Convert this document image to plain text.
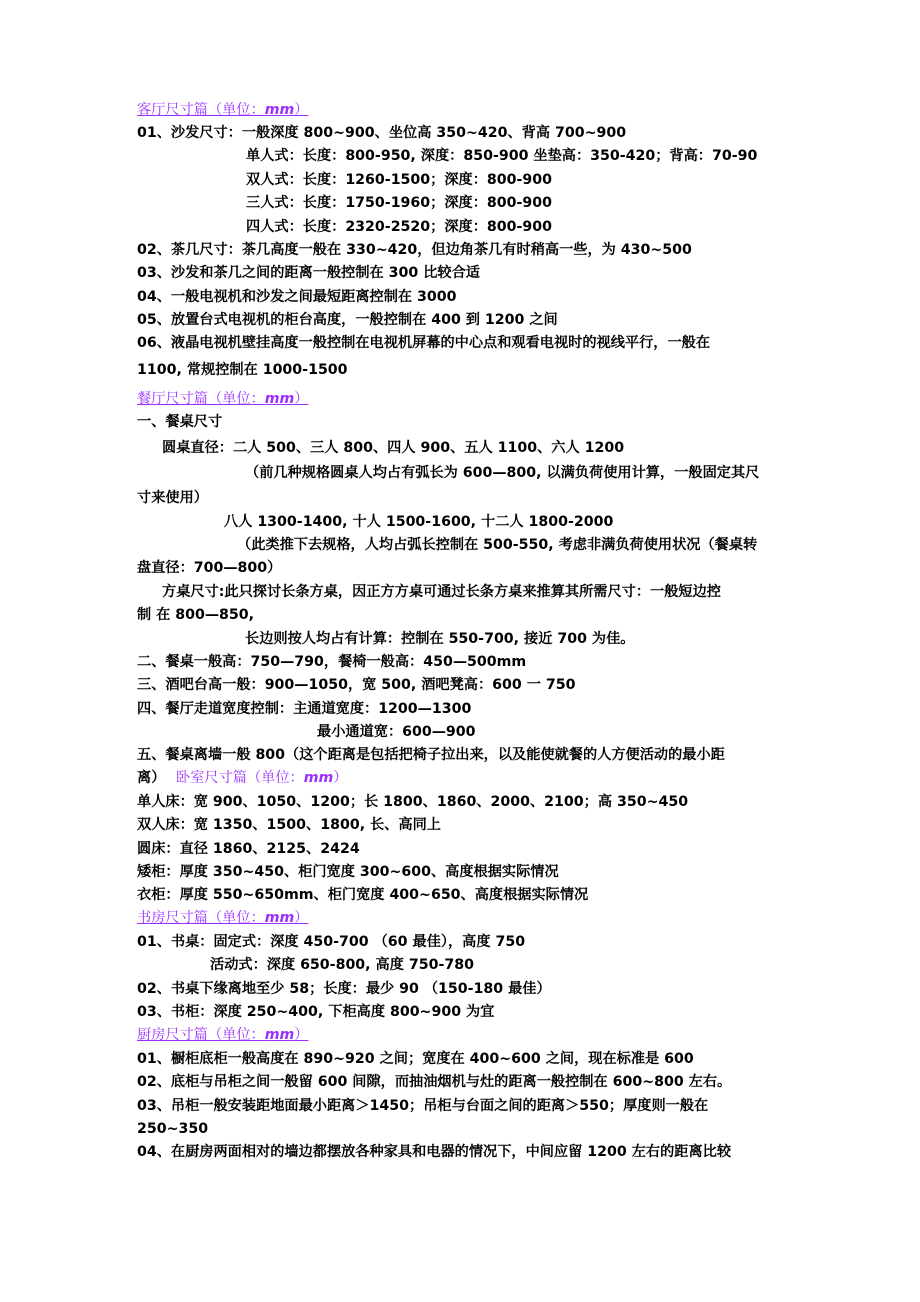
客厅尺寸篇（单位：mm）
01、沙发尺寸：一般深度 800~900、坐位高 350~420、背高 700~900
单人式：长度：800-950, 深度：850-900 坐垫高：350-420；背高：70-90
双人式：长度：1260-1500；深度：800-900
三人式：长度：1750-1960；深度：800-900
四人式：长度：2320-2520；深度：800-900
02、茶几尺寸：茶几高度一般在 330~420，但边角茶几有时稍高一些，为 430~500
03、沙发和茶几之间的距离一般控制在 300 比较合适
04、一般电视机和沙发之间最短距离控制在 3000
05、放置台式电视机的柜台高度，一般控制在 400 到 1200 之间
06、液晶电视机壁挂高度一般控制在电视机屏幕的中心点和观看电视时的视线平行，一般在
1100, 常规控制在 1000-1500
餐厅尺寸篇（单位：mm）
一、餐桌尺寸
圆桌直径：二人 500、三人 800、四人 900、五人 1100、六人 1200
（前几种规格圆桌人均占有弧长为 600—800, 以满负荷使用计算，一般固定其尺
寸来使用）
八人 1300-1400, 十人 1500-1600, 十二人 1800-2000
（此类推下去规格，人均占弧长控制在 500-550, 考虑非满负荷使用状况（餐桌转
盘直径：700—800）
方桌尺寸:此只探讨长条方桌，因正方方桌可通过长条方桌来推算其所需尺寸：一般短边控
制 在 800—850,
长边则按人均占有计算：控制在 550-700, 接近 700 为佳。
二、餐桌一般高：750—790，餐椅一般高：450—500mm
三、酒吧台高一般：900—1050，宽 500, 酒吧凳高：600 一 750
四、餐厅走道宽度控制：主通道宽度：1200—1300
最小通道宽：600—900
五、餐桌离墙一般 800（这个距离是包括把椅子拉出来，以及能使就餐的人方便活动的最小距
离） 卧室尺寸篇（单位：mm）
单人床：宽 900、1050、1200；长 1800、1860、2000、2100；高 350~450
双人床：宽 1350、1500、1800, 长、高同上
圆床：直径 1860、2125、2424
矮柜：厚度 350~450、柜门宽度 300~600、高度根据实际情况
衣柜：厚度 550~650mm、柜门宽度 400~650、高度根据实际情况
书房尺寸篇（单位：mm）
01、书桌：固定式：深度 450-700 （60 最佳），高度 750
活动式：深度 650-800, 高度 750-780
02、书桌下缘离地至少 58；长度：最少 90 （150-180 最佳）
03、书柜：深度 250~400, 下柜高度 800~900 为宜
厨房尺寸篇（单位：mm）
01、橱柜底柜一般高度在 890~920 之间；宽度在 400~600 之间，现在标准是 600
02、底柜与吊柜之间一般留 600 间隙，而抽油烟机与灶的距离一般控制在 600~800 左右。
03、吊柜一般安装距地面最小距离＞1450；吊柜与台面之间的距离＞550；厚度则一般在
250~350
04、在厨房两面相对的墙边都摆放各种家具和电器的情况下，中间应留 1200 左右的距离比较
